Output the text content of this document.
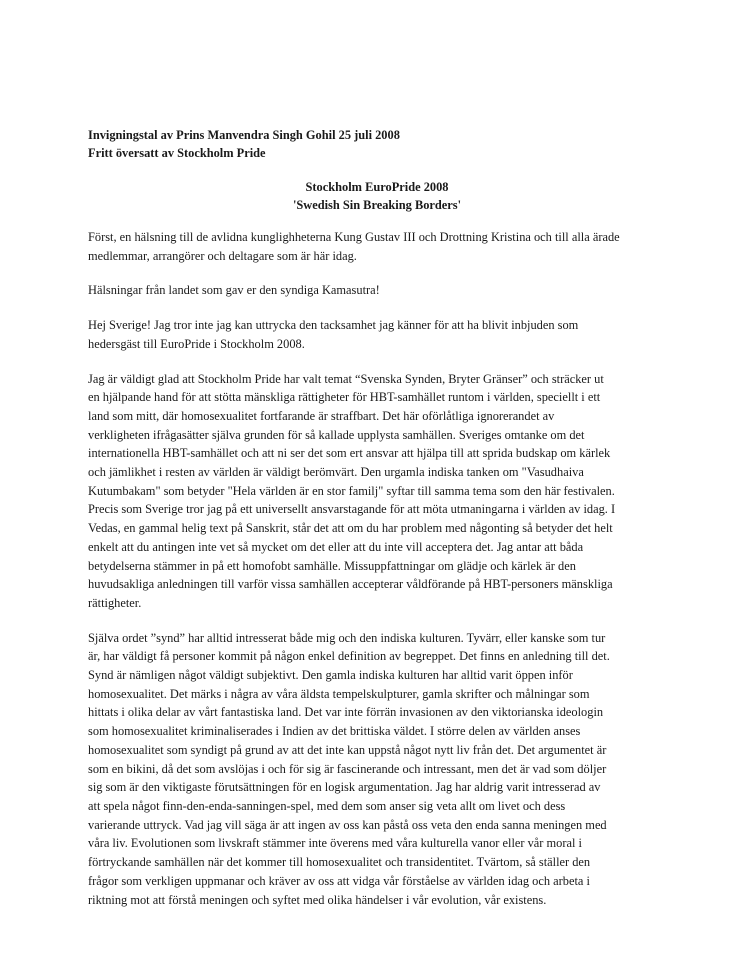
Invigningstal av Prins Manvendra Singh Gohil 25 juli 2008

Fritt översatt av Stockholm Pride

Stockholm EuroPride 2008

'Swedish Sin Breaking Borders'

Först, en hälsning till de avlidna kunglighheterna Kung Gustav III och Drottning Kristina och till alla ärade
medlemmar, arrangörer och deltagare som är här idag.

Hälsningar från landet som gav er den syndiga Kamasutra!

Hej Sverige! Jag tror inte jag kan uttrycka den tacksamhet jag känner för att ha blivit inbjuden som
hedersgäst till EuroPride i Stockholm 2008.

Jag är väldigt glad att Stockholm Pride har valt temat “Svenska Synden, Bryter Gränser” och sträcker ut
en hjälpande hand för att stötta mänskliga rättigheter för HBT-samhället runtom i världen, speciellt i ett
land som mitt, där homosexualitet fortfarande är straffbart. Det här oförlåtliga ignorerandet av
verkligheten ifrågasätter själva grunden för så kallade upplysta samhällen. Sveriges omtanke om det
internationella HBT-samhället och att ni ser det som ert ansvar att hjälpa till att sprida budskap om kärlek
och jämlikhet i resten av världen är väldigt berömvärt. Den urgamla indiska tanken om "Vasudhaiva
Kutumbakam" som betyder "Hela världen är en stor familj" syftar till samma tema som den här festivalen.
Precis som Sverige tror jag på ett universellt ansvarstagande för att möta utmaningarna i världen av idag. I
Vedas, en gammal helig text på Sanskrit, står det att om du har problem med någonting så betyder det helt
enkelt att du antingen inte vet så mycket om det eller att du inte vill acceptera det. Jag antar att båda
betydelserna stämmer in på ett homofobt samhälle. Missuppfattningar om glädje och kärlek är den
huvudsakliga anledningen till varför vissa samhällen accepterar våldförande på HBT-personers mänskliga
rättigheter.

Själva ordet ”synd” har alltid intresserat både mig och den indiska kulturen. Tyvärr, eller kanske som tur
är, har väldigt få personer kommit på någon enkel definition av begreppet. Det finns en anledning till det.
Synd är nämligen något väldigt subjektivt. Den gamla indiska kulturen har alltid varit öppen inför
homosexualitet. Det märks i några av våra äldsta tempelskulpturer, gamla skrifter och målningar som
hittats i olika delar av vårt fantastiska land. Det var inte förrän invasionen av den viktorianska ideologin
som homosexualitet kriminaliserades i Indien av det brittiska väldet. I större delen av världen anses
homosexualitet som syndigt på grund av att det inte kan uppstå något nytt liv från det. Det argumentet är
som en bikini, då det som avslöjas i och för sig är fascinerande och intressant, men det är vad som döljer
sig som är den viktigaste förutsättningen för en logisk argumentation. Jag har aldrig varit intresserad av
att spela något finn-den-enda-sanningen-spel, med dem som anser sig veta allt om livet och dess
varierande uttryck. Vad jag vill säga är att ingen av oss kan påstå oss veta den enda sanna meningen med
våra liv. Evolutionen som livskraft stämmer inte överens med våra kulturella vanor eller vår moral i
förtryckande samhällen när det kommer till homosexualitet och transidentitet. Tvärtom, så ställer den
frågor som verkligen uppmanar och kräver av oss att vidga vår förståelse av världen idag och arbeta i
riktning mot att förstå meningen och syftet med olika händelser i vår evolution, vår existens.
